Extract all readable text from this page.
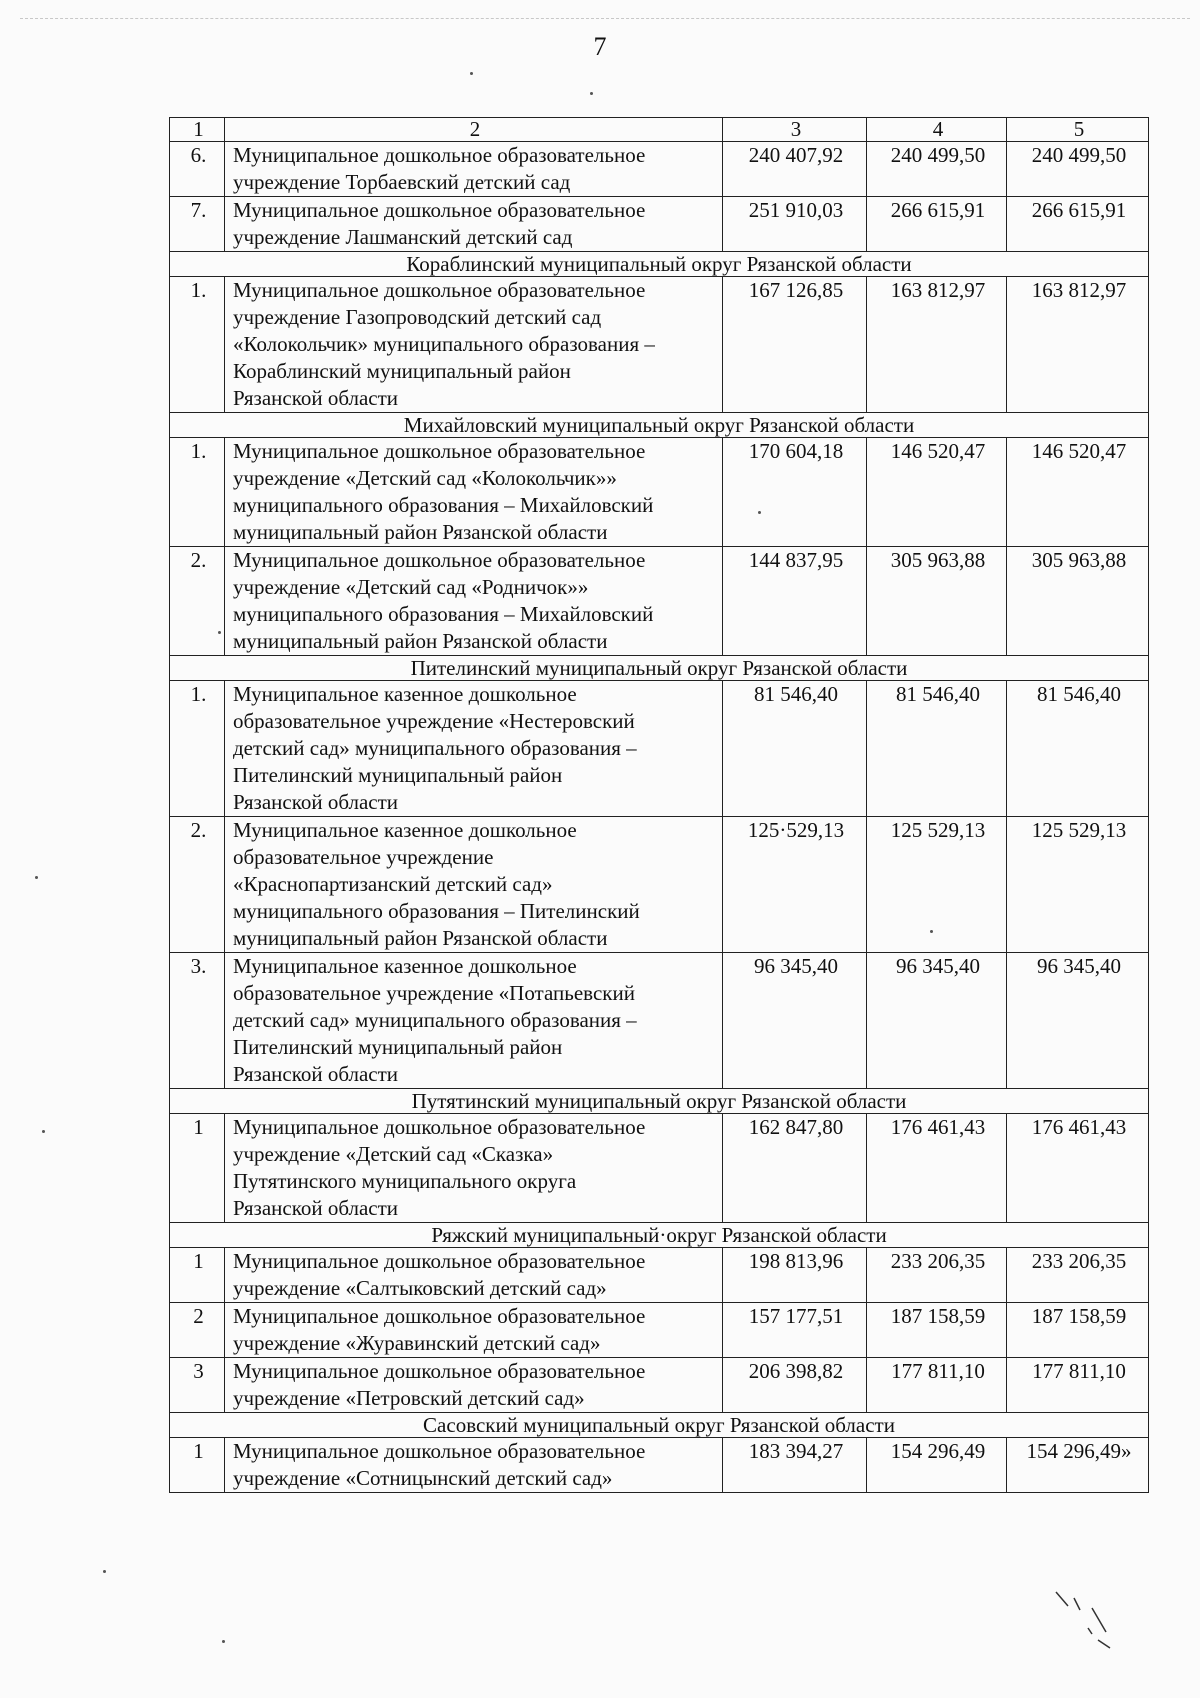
7
1	2	3	4	5
6.	Муниципальное дошкольное образовательное
учреждение Торбаевский детский сад	240 407,92	240 499,50	240 499,50
7.	Муниципальное дошкольное образовательное
учреждение Лашманский детский сад	251 910,03	266 615,91	266 615,91
Кораблинский муниципальный округ Рязанской области				
1.	Муниципальное дошкольное образовательное
учреждение Газопроводский детский сад
«Колокольчик» муниципального образования –
Кораблинский муниципальный район
Рязанской области	167 126,85	163 812,97	163 812,97
Михайловский муниципальный округ Рязанской области				
1.	Муниципальное дошкольное образовательное
учреждение «Детский сад «Колокольчик»»
муниципального образования – Михайловский
муниципальный район Рязанской области	170 604,18	146 520,47	146 520,47
2.	Муниципальное дошкольное образовательное
учреждение «Детский сад «Родничок»»
муниципального образования – Михайловский
муниципальный район Рязанской области	144 837,95	305 963,88	305 963,88
Пителинский муниципальный округ Рязанской области				
1.	Муниципальное казенное дошкольное
образовательное учреждение «Нестеровский
детский сад» муниципального образования –
Пителинский муниципальный район
Рязанской области	81 546,40	81 546,40	81 546,40
2.	Муниципальное казенное дошкольное
образовательное учреждение
«Краснопартизанский детский сад»
муниципального образования – Пителинский
муниципальный район Рязанской области	125·529,13	125 529,13	125 529,13
3.	Муниципальное казенное дошкольное
образовательное учреждение «Потапьевский
детский сад» муниципального образования –
Пителинский муниципальный район
Рязанской области	96 345,40	96 345,40	96 345,40
Путятинский муниципальный округ Рязанской области				
1	Муниципальное дошкольное образовательное
учреждение «Детский сад «Сказка»
Путятинского муниципального округа
Рязанской области	162 847,80	176 461,43	176 461,43
Ряжский муниципальный·округ Рязанской области				
1	Муниципальное дошкольное образовательное
учреждение «Салтыковский детский сад»	198 813,96	233 206,35	233 206,35
2	Муниципальное дошкольное образовательное
учреждение «Журавинский детский сад»	157 177,51	187 158,59	187 158,59
3	Муниципальное дошкольное образовательное
учреждение «Петровский детский сад»	206 398,82	177 811,10	177 811,10
Сасовский муниципальный округ Рязанской области				
1	Муниципальное дошкольное образовательное
учреждение «Сотницынский детский сад»	183 394,27	154 296,49	154 296,49»
